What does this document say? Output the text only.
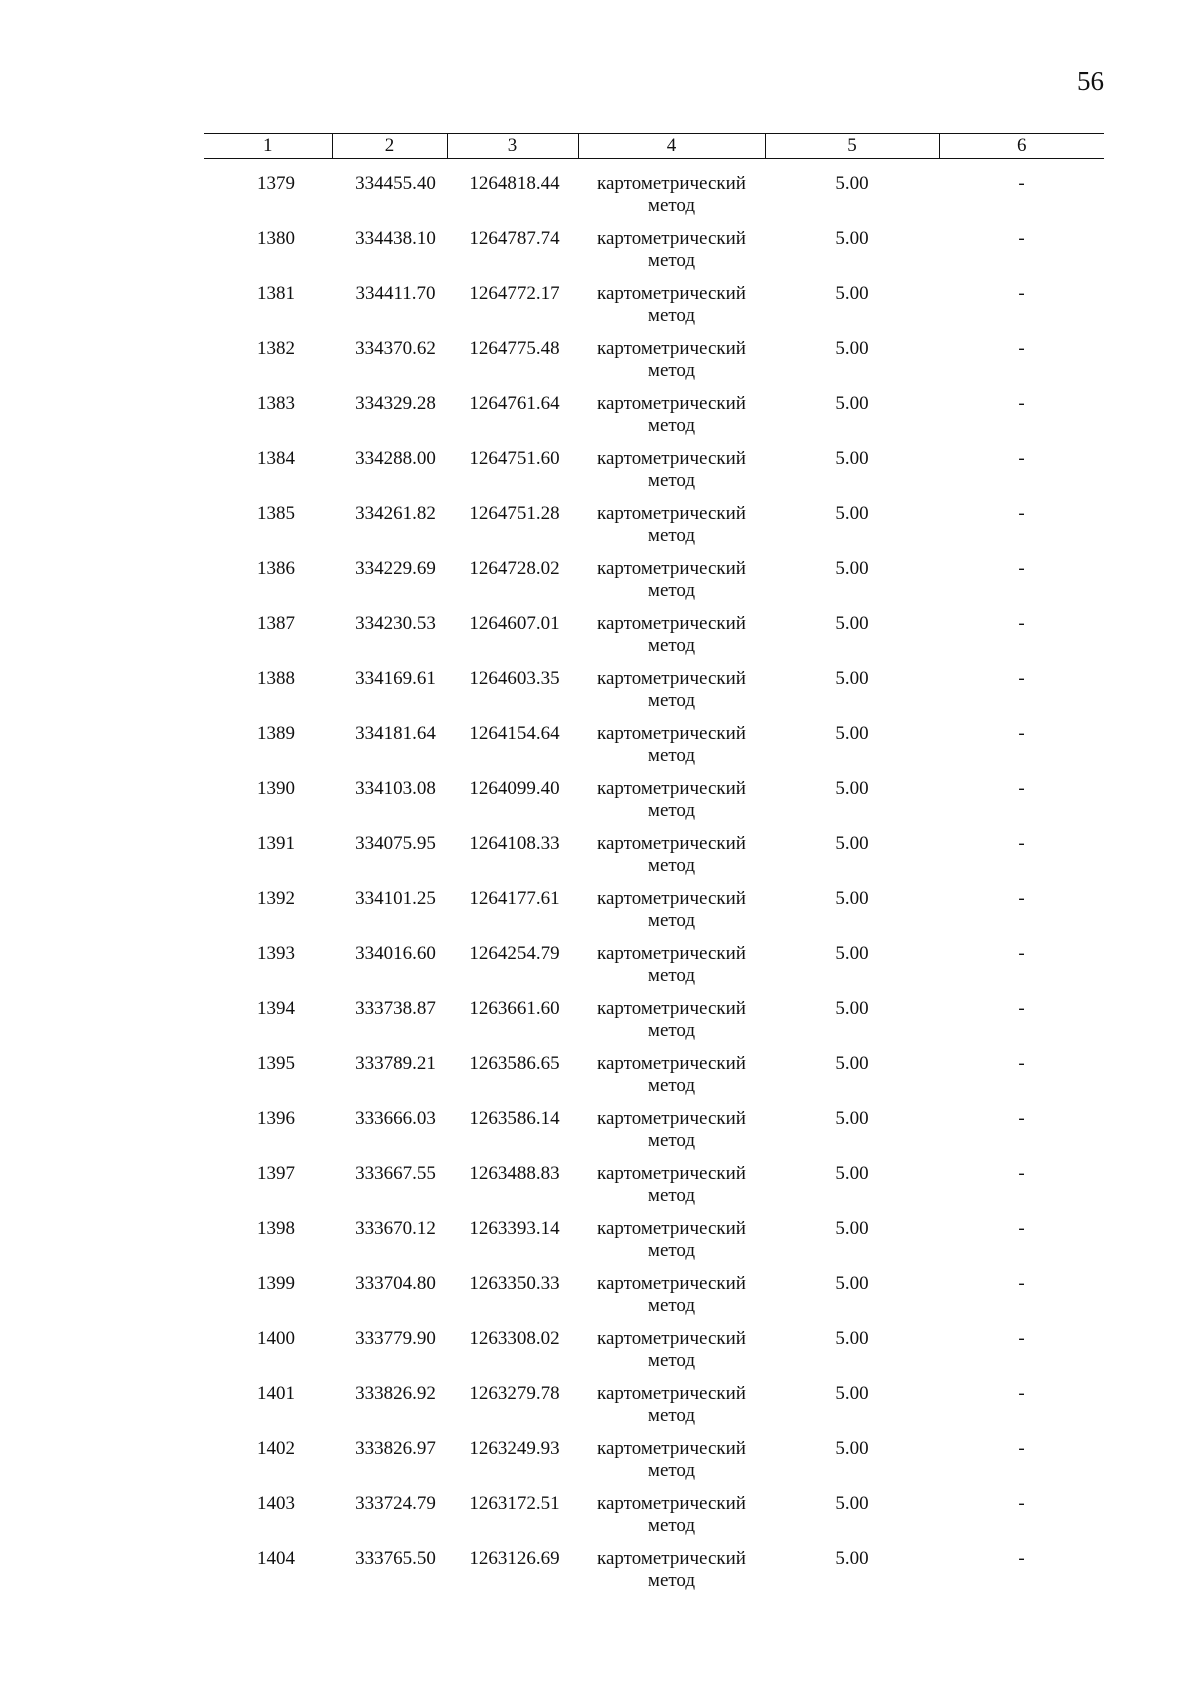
56
1	2	3	4	5	6
1379	334455.40	1264818.44	картометрический
метод	5.00	-
1380	334438.10	1264787.74	картометрический
метод	5.00	-
1381	334411.70	1264772.17	картометрический
метод	5.00	-
1382	334370.62	1264775.48	картометрический
метод	5.00	-
1383	334329.28	1264761.64	картометрический
метод	5.00	-
1384	334288.00	1264751.60	картометрический
метод	5.00	-
1385	334261.82	1264751.28	картометрический
метод	5.00	-
1386	334229.69	1264728.02	картометрический
метод	5.00	-
1387	334230.53	1264607.01	картометрический
метод	5.00	-
1388	334169.61	1264603.35	картометрический
метод	5.00	-
1389	334181.64	1264154.64	картометрический
метод	5.00	-
1390	334103.08	1264099.40	картометрический
метод	5.00	-
1391	334075.95	1264108.33	картометрический
метод	5.00	-
1392	334101.25	1264177.61	картометрический
метод	5.00	-
1393	334016.60	1264254.79	картометрический
метод	5.00	-
1394	333738.87	1263661.60	картометрический
метод	5.00	-
1395	333789.21	1263586.65	картометрический
метод	5.00	-
1396	333666.03	1263586.14	картометрический
метод	5.00	-
1397	333667.55	1263488.83	картометрический
метод	5.00	-
1398	333670.12	1263393.14	картометрический
метод	5.00	-
1399	333704.80	1263350.33	картометрический
метод	5.00	-
1400	333779.90	1263308.02	картометрический
метод	5.00	-
1401	333826.92	1263279.78	картометрический
метод	5.00	-
1402	333826.97	1263249.93	картометрический
метод	5.00	-
1403	333724.79	1263172.51	картометрический
метод	5.00	-
1404	333765.50	1263126.69	картометрический
метод	5.00	-
